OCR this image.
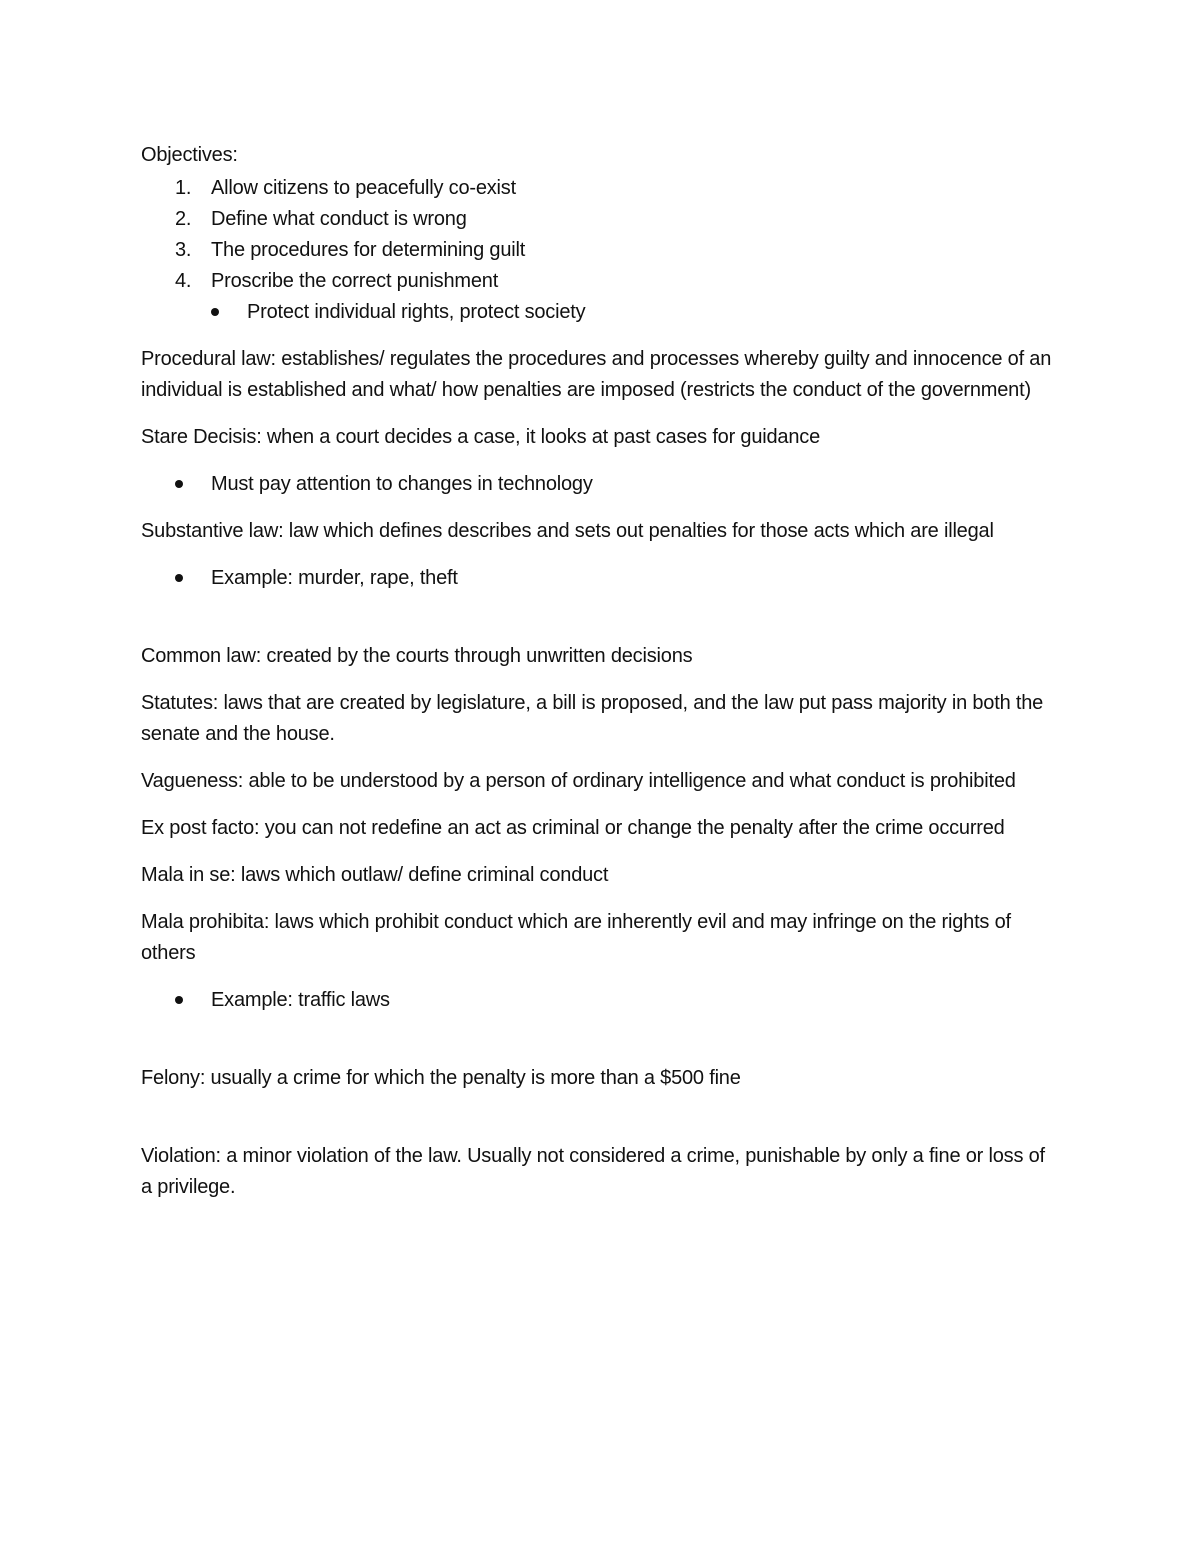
Objectives:

1. Allow citizens to peacefully co-exist
2. Define what conduct is wrong
3. The procedures for determining guilt
4. Proscribe the correct punishment
Protect individual rights, protect society

Procedural law: establishes/ regulates the procedures and processes whereby guilty and innocence of an individual is established and what/ how penalties are imposed (restricts the conduct of the government)

Stare Decisis: when a court decides a case, it looks at past cases for guidance

Must pay attention to changes in technology

Substantive law: law which defines describes and sets out penalties for those acts which are illegal

Example: murder, rape, theft

Common law: created by the courts through unwritten decisions

Statutes: laws that are created by legislature, a bill is proposed, and the law put pass majority in both the senate and the house.

Vagueness: able to be understood by a person of ordinary intelligence and what conduct is prohibited

Ex post facto: you can not redefine an act as criminal or change the penalty after the crime occurred

Mala in se: laws which outlaw/ define criminal conduct

Mala prohibita: laws which prohibit conduct which are inherently evil and may infringe on the rights of others

Example: traffic laws

Felony: usually a crime for which the penalty is more than a $500 fine

Violation: a minor violation of the law. Usually not considered a crime, punishable by only a fine or loss of a privilege.
